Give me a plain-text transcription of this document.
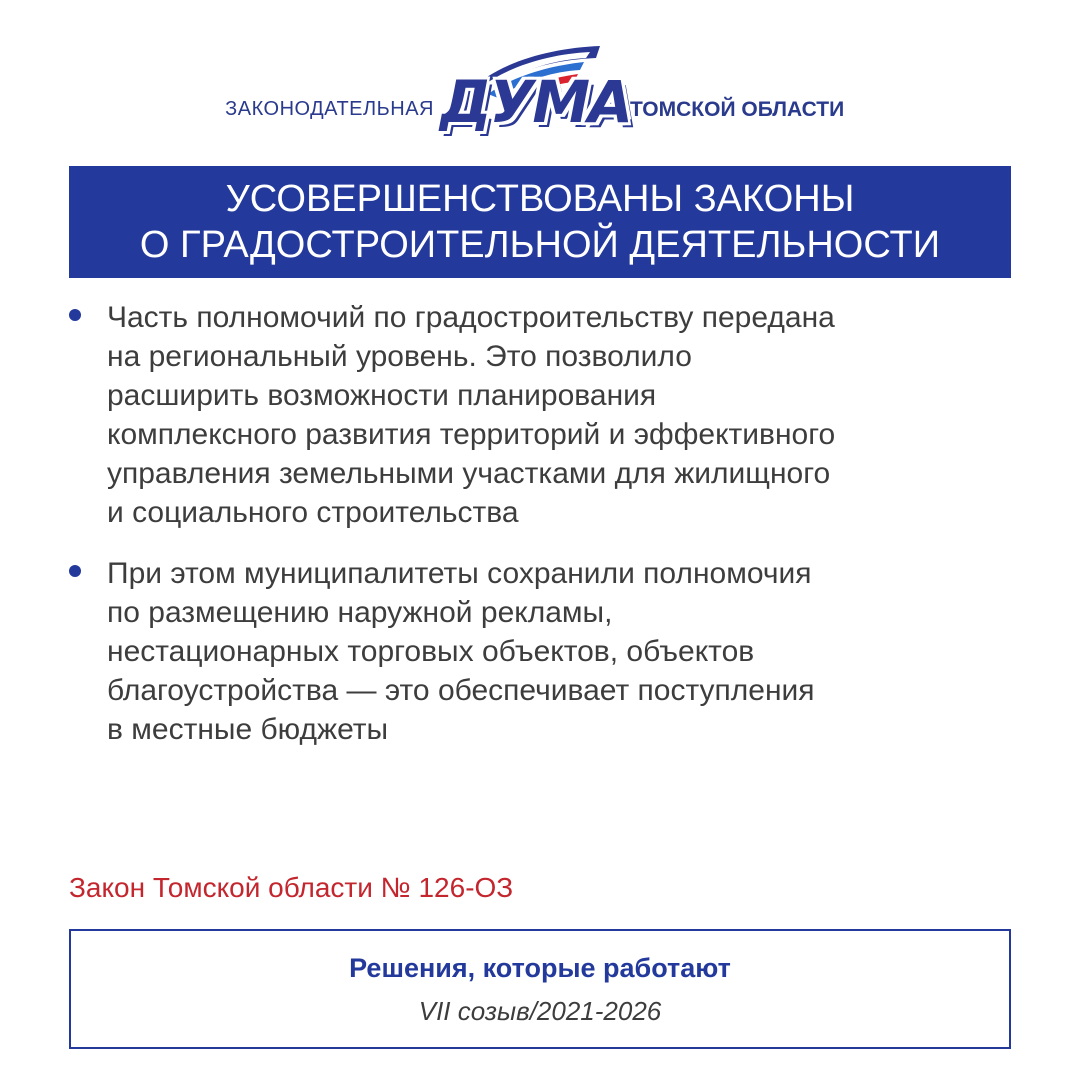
ЗАКОНОДАТЕЛЬНАЯ ДУМА ТОМСКОЙ ОБЛАСТИ
УСОВЕРШЕНСТВОВАНЫ ЗАКОНЫ
О ГРАДОСТРОИТЕЛЬНОЙ ДЕЯТЕЛЬНОСТИ
Часть полномочий по градостроительству передана
на региональный уровень. Это позволило
расширить возможности планирования
комплексного развития территорий и эффективного
управления земельными участками для жилищного
и социального строительства
При этом муниципалитеты сохранили полномочия
по размещению наружной рекламы,
нестационарных торговых объектов, объектов
благоустройства — это обеспечивает поступления
в местные бюджеты
Закон Томской области № 126-ОЗ
Решения, которые работают
VII созыв/2021-2026
